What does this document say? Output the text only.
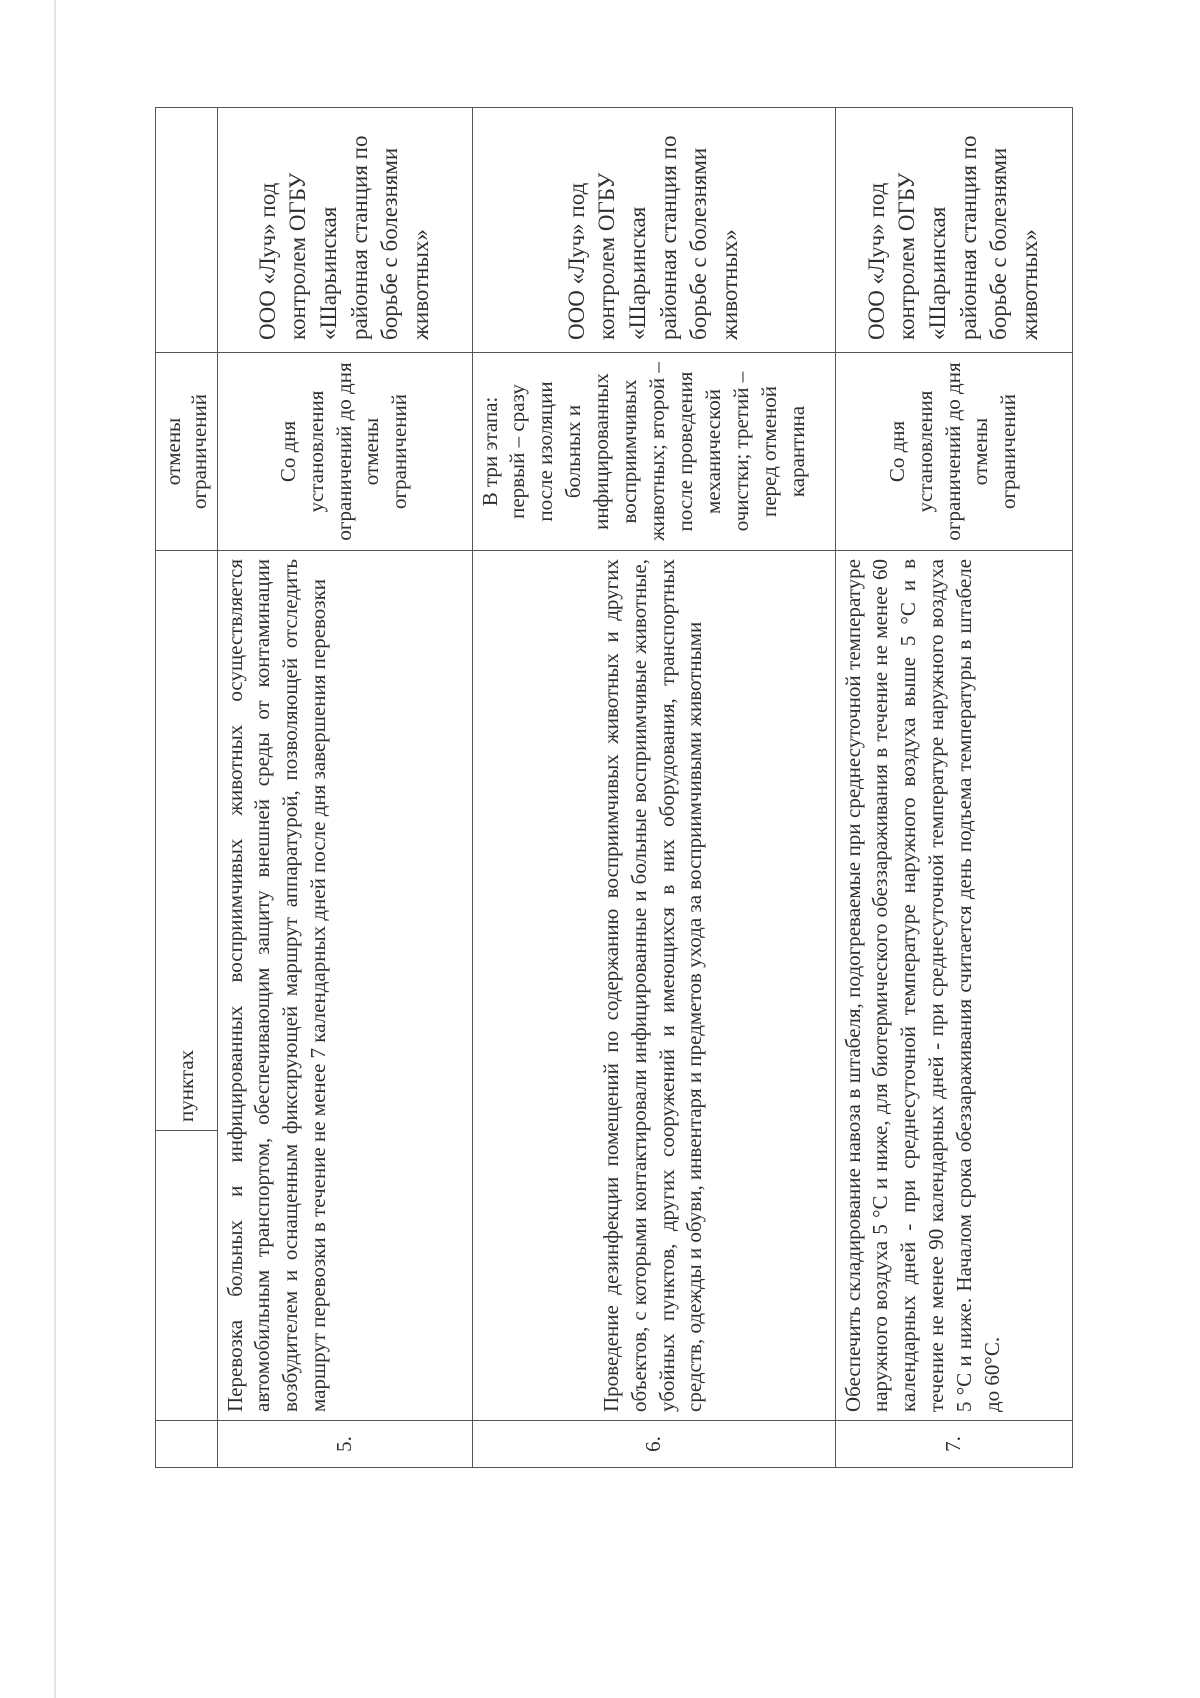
		пунктах	отмены ограничений	
5.	Перевозка больных и инфицированных восприимчивых животных осуществляется автомобильным транспортом, обеспечивающим защиту внешней среды от контаминации возбудителем и оснащенным фиксирующей маршрут аппаратурой, позволяющей отследить маршрут перевозки в течение не менее 7 календарных дней после дня завершения перевозки		Со дня установления ограничений до дня отмены ограничений	ООО «Луч» под контролем ОГБУ «Шарьинская районная станция по борьбе с болезнями животных»
6.	Проведение дезинфекции помещений по содержанию восприимчивых животных и других объектов, с которыми контактировали инфицированные и больные восприимчивые животные, убойных пунктов, других сооружений и имеющихся в них оборудования, транспортных средств, одежды и обуви, инвентаря и предметов ухода за восприимчивыми животными		В три этапа: первый – сразу после изоляции больных и инфицированных восприимчивых животных; второй – после проведения механической очистки; третий – перед отменой карантина	ООО «Луч» под контролем ОГБУ «Шарьинская районная станция по борьбе с болезнями животных»
7.	Обеспечить складирование навоза в штабеля, подогреваемые при среднесуточной температуре наружного воздуха 5 °С и ниже, для биотермического обеззараживания в течение не менее 60 календарных дней - при среднесуточной температуре наружного воздуха выше 5 °С и в течение не менее 90 календарных дней - при среднесуточной температуре наружного воздуха 5 °С и ниже. Началом срока обеззараживания считается день подъема температуры в штабеле до 60°С.		Со дня установления ограничений до дня отмены ограничений	ООО «Луч» под контролем ОГБУ «Шарьинская районная станция по борьбе с болезнями животных»
